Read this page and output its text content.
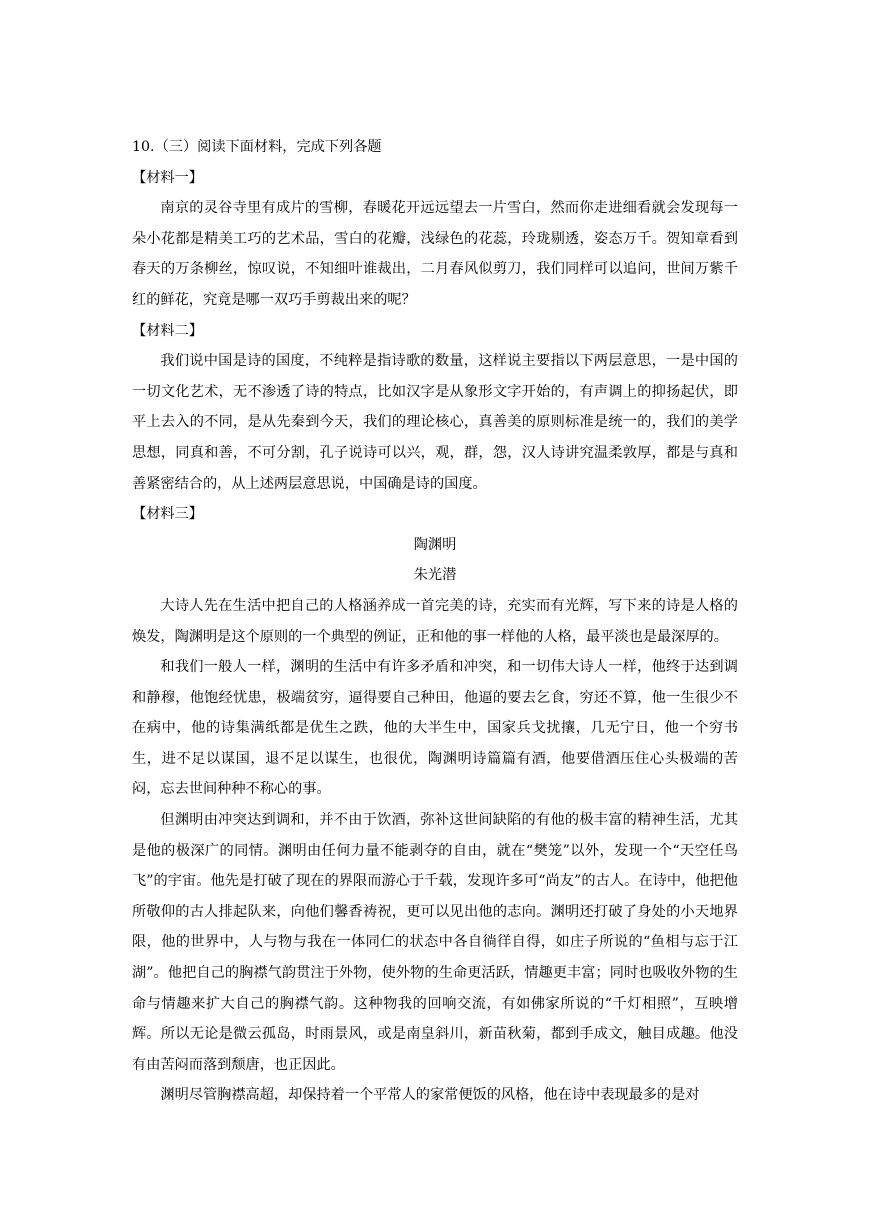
10.（三）阅读下面材料，完成下列各题

【材料一】

南京的灵谷寺里有成片的雪柳，春暖花开远远望去一片雪白，然而你走进细看就会发现每一朵小花都是精美工巧的艺术品，雪白的花瓣，浅绿色的花蕊，玲珑剔透，姿态万千。贺知章看到春天的万条柳丝，惊叹说，不知细叶谁裁出，二月春风似剪刀，我们同样可以追问，世间万紫千红的鲜花，究竟是哪一双巧手剪裁出来的呢？

【材料二】

我们说中国是诗的国度，不纯粹是指诗歌的数量，这样说主要指以下两层意思，一是中国的一切文化艺术，无不渗透了诗的特点，比如汉字是从象形文字开始的，有声调上的抑扬起伏，即平上去入的不同，是从先秦到今天，我们的理论核心，真善美的原则标准是统一的，我们的美学思想，同真和善，不可分割，孔子说诗可以兴，观，群，怨，汉人诗讲究温柔敦厚，都是与真和善紧密结合的，从上述两层意思说，中国确是诗的国度。

【材料三】

陶渊明

朱光潜

大诗人先在生活中把自己的人格涵养成一首完美的诗，充实而有光辉，写下来的诗是人格的焕发，陶渊明是这个原则的一个典型的例证，正和他的事一样他的人格，最平淡也是最深厚的。

和我们一般人一样，渊明的生活中有许多矛盾和冲突，和一切伟大诗人一样，他终于达到调和静穆，他饱经忧患，极端贫穷，逼得要自己种田，他逼的要去乞食，穷还不算，他一生很少不在病中，他的诗集满纸都是优生之跌，他的大半生中，国家兵戈扰攘，几无宁日，他一个穷书生，进不足以谋国，退不足以谋生，也很优，陶渊明诗篇篇有酒，他要借酒压住心头极端的苦闷，忘去世间种种不称心的事。

但渊明由冲突达到调和，并不由于饮酒，弥补这世间缺陷的有他的极丰富的精神生活，尤其是他的极深广的同情。渊明由任何力量不能剥夺的自由，就在“樊笼”以外，发现一个“天空任鸟飞”的宇宙。他先是打破了现在的界限而游心于千载，发现许多可“尚友”的古人。在诗中，他把他所敬仰的古人排起队来，向他们馨香祷祝，更可以见出他的志向。渊明还打破了身处的小天地界限，他的世界中，人与物与我在一体同仁的状态中各自徜徉自得，如庄子所说的“鱼相与忘于江湖”。他把自己的胸襟气韵贯注于外物，使外物的生命更活跃，情趣更丰富；同时也吸收外物的生命与情趣来扩大自己的胸襟气韵。这种物我的回响交流，有如佛家所说的“千灯相照”，互映增辉。所以无论是微云孤岛，时雨景风，或是南皇斜川，新苗秋菊，都到手成文，触目成趣。他没有由苦闷而落到颓唐，也正因此。

渊明尽管胸襟高超，却保持着一个平常人的家常便饭的风格，他在诗中表现最多的是对
